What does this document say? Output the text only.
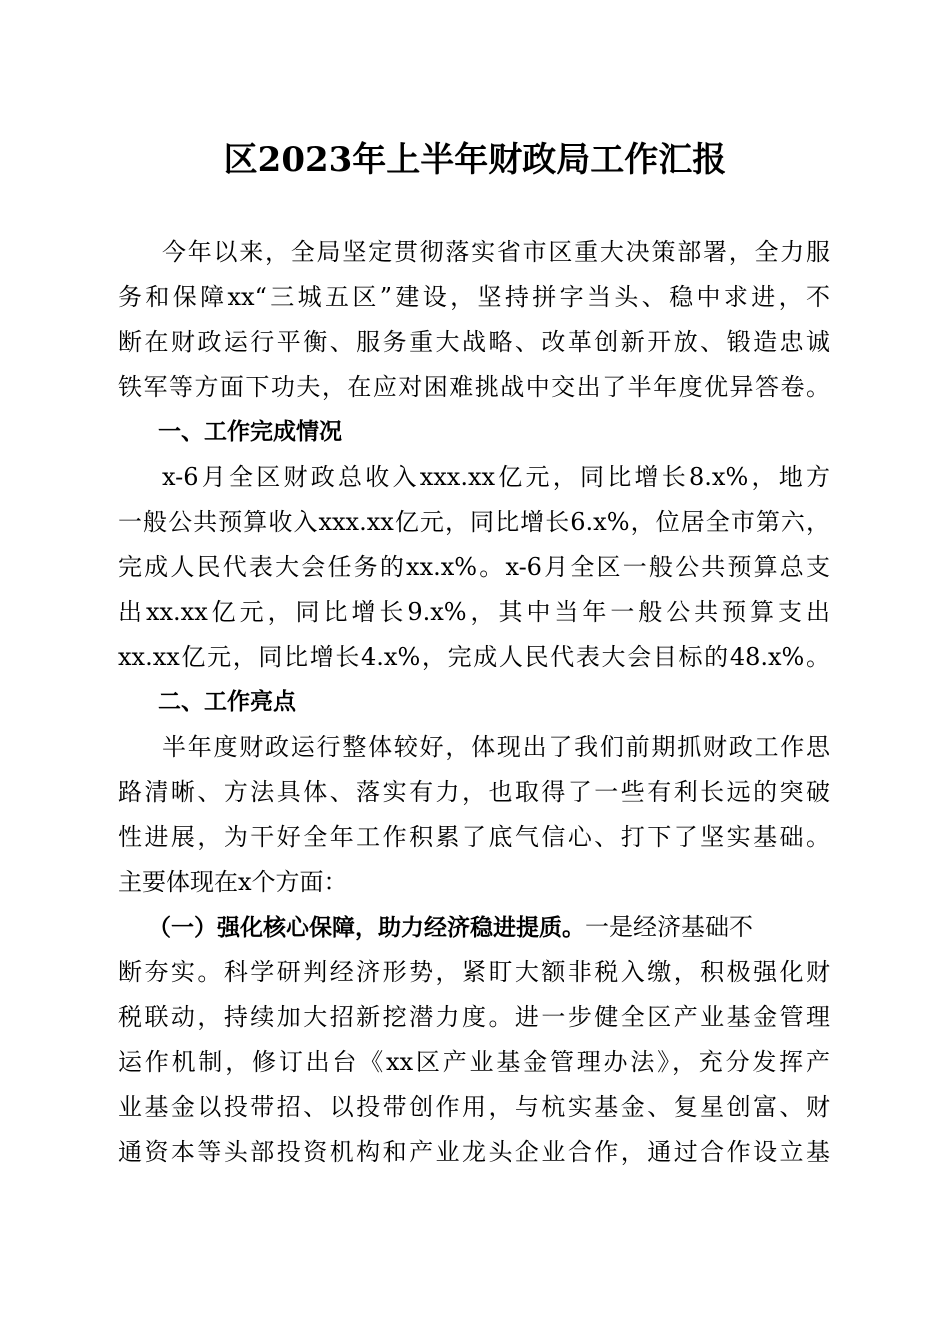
区2023年上半年财政局工作汇报
今年以来，全局坚定贯彻落实省市区重大决策部署，全力服
务和保障xx“三城五区”建设，坚持拼字当头、稳中求进，不
断在财政运行平衡、服务重大战略、改革创新开放、锻造忠诚
铁军等方面下功夫，在应对困难挑战中交出了半年度优异答卷。
一、工作完成情况
x-6月全区财政总收入xxx.xx亿元，同比增长8.x%，地方
一般公共预算收入xxx.xx亿元，同比增长6.x%，位居全市第六，
完成人民代表大会任务的xx.x%。x-6月全区一般公共预算总支
出xx.xx亿元，同比增长9.x%，其中当年一般公共预算支出
xx.xx亿元，同比增长4.x%，完成人民代表大会目标的48.x%。
二、工作亮点
半年度财政运行整体较好，体现出了我们前期抓财政工作思
路清晰、方法具体、落实有力，也取得了一些有利长远的突破
性进展，为干好全年工作积累了底气信心、打下了坚实基础。
主要体现在x个方面：
（一）强化核心保障，助力经济稳进提质。一是经济基础不
断夯实。科学研判经济形势，紧盯大额非税入缴，积极强化财
税联动，持续加大招新挖潜力度。进一步健全区产业基金管理
运作机制，修订出台《xx区产业基金管理办法》，充分发挥产
业基金以投带招、以投带创作用，与杭实基金、复星创富、财
通资本等头部投资机构和产业龙头企业合作，通过合作设立基
